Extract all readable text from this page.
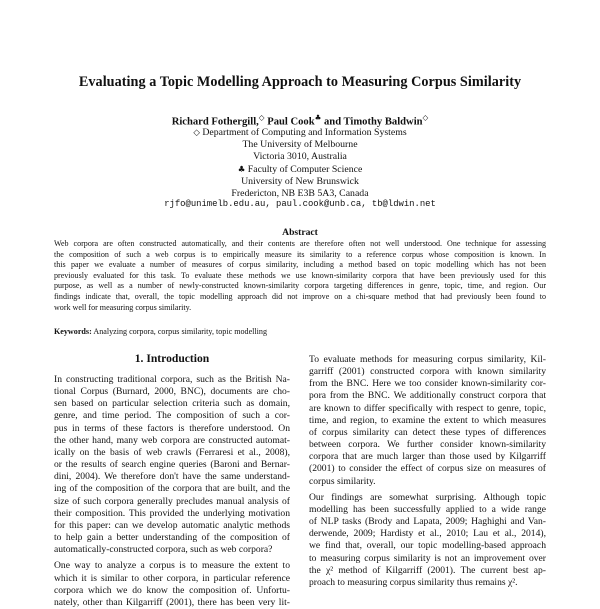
Evaluating a Topic Modelling Approach to Measuring Corpus Similarity
Richard Fothergill,◇ Paul Cook♣ and Timothy Baldwin◇
◇ Department of Computing and Information Systems
The University of Melbourne
Victoria 3010, Australia
♣ Faculty of Computer Science
University of New Brunswick
Fredericton, NB E3B 5A3, Canada
rjfo@unimelb.edu.au, paul.cook@unb.ca, tb@ldwin.net
Abstract
Web corpora are often constructed automatically, and their contents are therefore often not well understood. One technique for assessing
the composition of such a web corpus is to empirically measure its similarity to a reference corpus whose composition is known. In
this paper we evaluate a number of measures of corpus similarity, including a method based on topic modelling which has not been
previously evaluated for this task. To evaluate these methods we use known-similarity corpora that have been previously used for this
purpose, as well as a number of newly-constructed known-similarity corpora targeting differences in genre, topic, time, and region. Our
findings indicate that, overall, the topic modelling approach did not improve on a chi-square method that had previously been found to
work well for measuring corpus similarity.
Keywords: Analyzing corpora, corpus similarity, topic modelling
1. Introduction
In constructing traditional corpora, such as the British Na-
tional Corpus (Burnard, 2000, BNC), documents are cho-
sen based on particular selection criteria such as domain,
genre, and time period. The composition of such a cor-
pus in terms of these factors is therefore understood. On
the other hand, many web corpora are constructed automat-
ically on the basis of web crawls (Ferraresi et al., 2008),
or the results of search engine queries (Baroni and Bernar-
dini, 2004). We therefore don't have the same understand-
ing of the composition of the corpora that are built, and the
size of such corpora generally precludes manual analysis of
their composition. This provided the underlying motivation
for this paper: can we develop automatic analytic methods
to help gain a better understanding of the composition of
automatically-constructed corpora, such as web corpora?
One way to analyze a corpus is to measure the extent to
which it is similar to other corpora, in particular reference
corpora which we do know the composition of. Unfortu-
nately, other than Kilgarriff (2001), there has been very lit-
To evaluate methods for measuring corpus similarity, Kil-
garriff (2001) constructed corpora with known similarity
from the BNC. Here we too consider known-similarity cor-
pora from the BNC. We additionally construct corpora that
are known to differ specifically with respect to genre, topic,
time, and region, to examine the extent to which measures
of corpus similarity can detect these types of differences
between corpora. We further consider known-similarity
corpora that are much larger than those used by Kilgarriff
(2001) to consider the effect of corpus size on measures of
corpus similarity.
Our findings are somewhat surprising. Although topic
modelling has been successfully applied to a wide range
of NLP tasks (Brody and Lapata, 2009; Haghighi and Van-
derwende, 2009; Hardisty et al., 2010; Lau et al., 2014),
we find that, overall, our topic modelling-based approach
to measuring corpus similarity is not an improvement over
the χ² method of Kilgarriff (2001). The current best ap-
proach to measuring corpus similarity thus remains χ².
